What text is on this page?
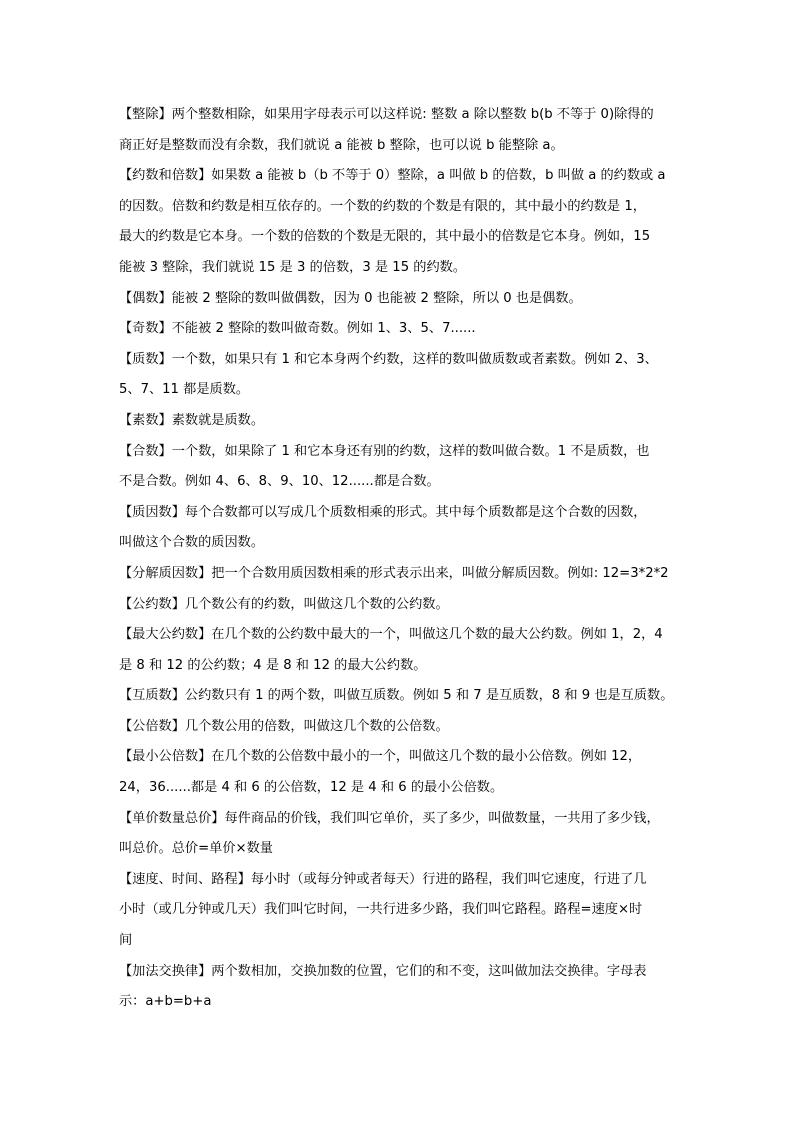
【整除】两个整数相除，如果用字母表示可以这样说: 整数 a 除以整数 b(b 不等于 0)除得的
商正好是整数而没有余数，我们就说 a 能被 b 整除，也可以说 b 能整除 a。
【约数和倍数】如果数 a 能被 b（b 不等于 0）整除，a 叫做 b 的倍数，b 叫做 a 的约数或 a
的因数。倍数和约数是相互依存的。一个数的约数的个数是有限的，其中最小的约数是 1，
最大的约数是它本身。一个数的倍数的个数是无限的，其中最小的倍数是它本身。例如，15
能被 3 整除，我们就说 15 是 3 的倍数，3 是 15 的约数。
【偶数】能被 2 整除的数叫做偶数，因为 0 也能被 2 整除，所以 0 也是偶数。
【奇数】不能被 2 整除的数叫做奇数。例如 1、3、5、7......
【质数】一个数，如果只有 1 和它本身两个约数，这样的数叫做质数或者素数。例如 2、3、
5、7、11 都是质数。
【素数】素数就是质数。
【合数】一个数，如果除了 1 和它本身还有别的约数，这样的数叫做合数。1 不是质数，也
不是合数。例如 4、6、8、9、10、12......都是合数。
【质因数】每个合数都可以写成几个质数相乘的形式。其中每个质数都是这个合数的因数，
叫做这个合数的质因数。
【分解质因数】把一个合数用质因数相乘的形式表示出来，叫做分解质因数。例如: 12=3*2*2
【公约数】几个数公有的约数，叫做这几个数的公约数。
【最大公约数】在几个数的公约数中最大的一个，叫做这几个数的最大公约数。例如 1，2，4
是 8 和 12 的公约数；4 是 8 和 12 的最大公约数。
【互质数】公约数只有 1 的两个数，叫做互质数。例如 5 和 7 是互质数，8 和 9 也是互质数。
【公倍数】几个数公用的倍数，叫做这几个数的公倍数。
【最小公倍数】在几个数的公倍数中最小的一个，叫做这几个数的最小公倍数。例如 12，
24，36......都是 4 和 6 的公倍数，12 是 4 和 6 的最小公倍数。
【单价数量总价】每件商品的价钱，我们叫它单价，买了多少，叫做数量，一共用了多少钱，
叫总价。总价=单价×数量
【速度、时间、路程】每小时（或每分钟或者每天）行进的路程，我们叫它速度，行进了几
小时（或几分钟或几天）我们叫它时间，一共行进多少路，我们叫它路程。路程=速度×时
间
【加法交换律】两个数相加，交换加数的位置，它们的和不变，这叫做加法交换律。字母表
示：a+b=b+a
